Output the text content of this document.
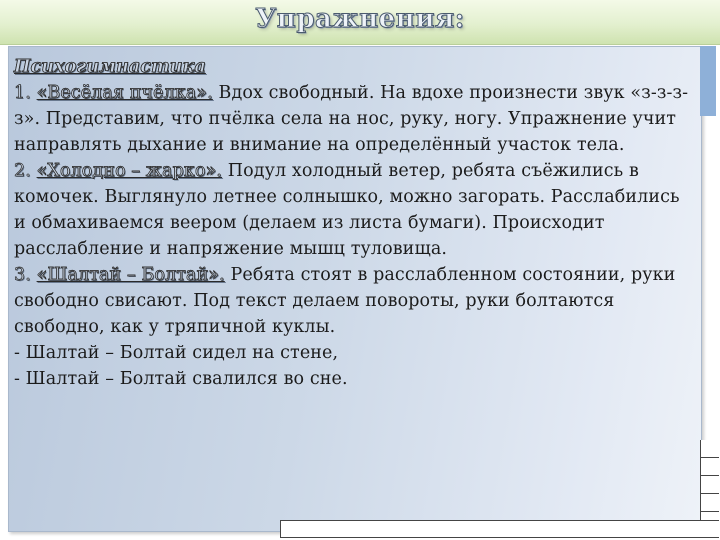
Упражнения:

Психогимнастика

1. «Весёлая пчёлка». Вдох свободный. На вдохе произнести звук «з-з-з-з». Представим, что пчёлка села на нос, руку, ногу. Упражнение учит направлять дыхание и внимание на определённый участок тела.

2. «Холодно – жарко». Подул холодный ветер, ребята съёжились в комочек. Выглянуло летнее солнышко, можно загорать. Расслабились и обмахиваемся веером (делаем из листа бумаги). Происходит расслабление и напряжение мышц туловища.

3. «Шалтай – Болтай». Ребята стоят в расслабленном состоянии, руки свободно свисают. Под текст делаем повороты, руки болтаются свободно, как у тряпичной куклы.

- Шалтай – Болтай сидел на стене,

- Шалтай – Болтай свалился во сне.
